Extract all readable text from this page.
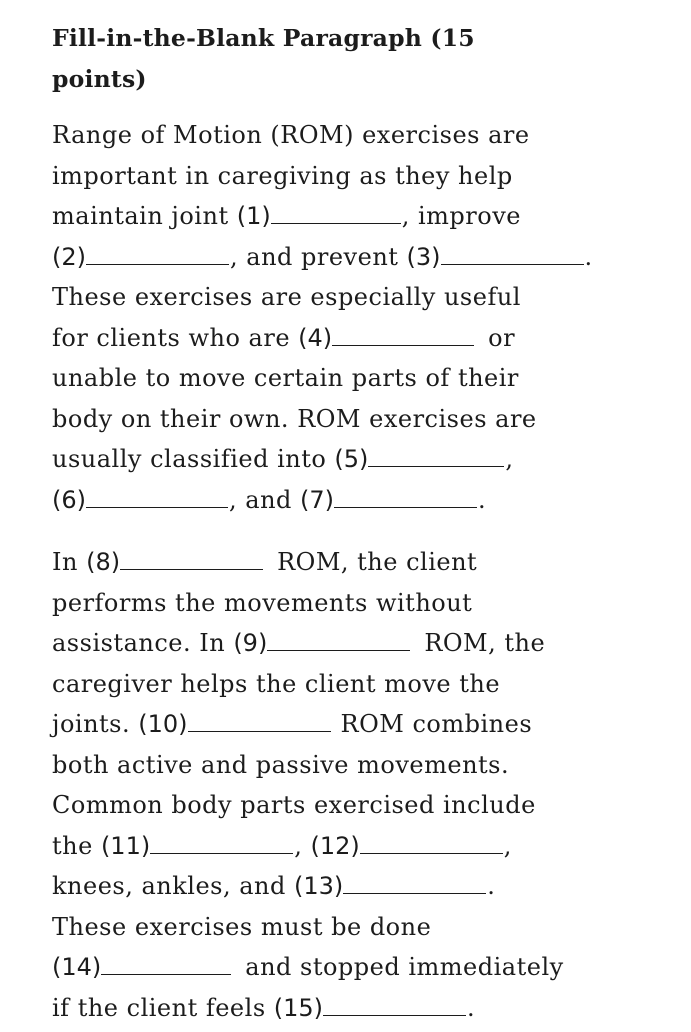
Fill-in-the-Blank Paragraph (15 points)
Range of Motion (ROM) exercises are
important in caregiving as they help
maintain joint (1)	, improve
(2)	, and prevent (3)	.
These exercises are especially useful
for clients who are (4)	or
unable to move certain parts of their
body on their own. ROM exercises are
usually classified into (5)	,
(6)	, and (7)	.
In (8)	ROM, the client
performs the movements without
assistance. In (9)	ROM, the
caregiver helps the client move the
joints. (10)	ROM combines
both active and passive movements.
Common body parts exercised include
the (11)	, (12)	,
knees, ankles, and (13)	.
These exercises must be done
(14)	and stopped immediately
if the client feels (15)	.
